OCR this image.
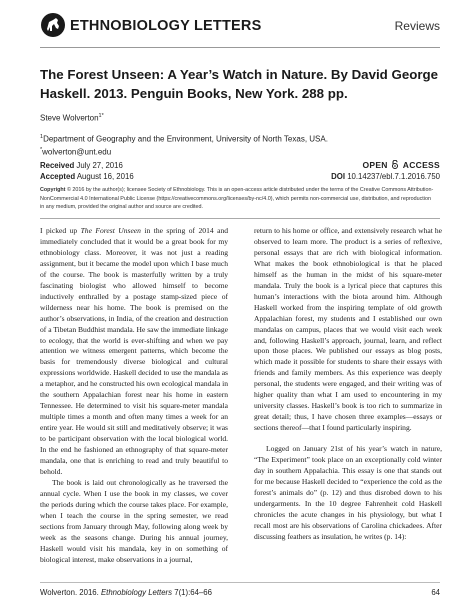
ETHNOBIOLOGY LETTERS	Reviews
The Forest Unseen: A Year’s Watch in Nature. By David George Haskell. 2013. Penguin Books, New York. 288 pp.
Steve Wolverton$^{1*}$
$^1$Department of Geography and the Environment, University of North Texas, USA.
*wolverton@unt.edu
Received July 27, 2016
Accepted August 16, 2016
OPEN ACCESS
DOI 10.14237/ebl.7.1.2016.750
Copyright © 2016 by the author(s); licensee Society of Ethnobiology. This is an open-access article distributed under the terms of the Creative Commons Attribution-NonCommercial 4.0 International Public License (https://creativecommons.org/licenses/by-nc/4.0), which permits non-commercial use, distribution, and reproduction in any medium, provided the original author and source are credited.

I picked up The Forest Unseen in the spring of 2014 and immediately concluded that it would be a great book for my ethnobiology class. Moreover, it was not just a reading assignment, but it became the model upon which I base much of the course. The book is masterfully written by a truly fascinating biologist who allowed himself to become inductively enthralled by a postage stamp-sized piece of wilderness near his home. The book is premised on the author’s observations, in India, of the creation and destruction of a Tibetan Buddhist mandala. He saw the immediate linkage to ecology, that the world is ever-shifting and when we pay attention we witness emergent patterns, which become the basis for tremendously diverse biological and cultural expressions worldwide. Haskell decided to use the mandala as a metaphor, and he constructed his own ecological mandala in the southern Appalachian forest near his home in eastern Tennessee. He determined to visit his square-meter mandala multiple times a month and often many times a week for an entire year. He would sit still and meditatively observe; it was to be participant observation with the local biological world. In the end he fashioned an ethnography of that square-meter mandala, one that is enriching to read and truly beautiful to behold.

The book is laid out chronologically as he traversed the annual cycle. When I use the book in my classes, we cover the periods during which the course takes place. For example, when I teach the course in the spring semester, we read sections from January through May, following along week by week as the seasons change. During his annual journey, Haskell would visit his mandala, key in on something of biological interest, make observations in a journal,

return to his home or office, and extensively research what he observed to learn more. The product is a series of reflexive, personal essays that are rich with biological information. What makes the book ethnobiological is that he placed himself as the human in the midst of his square-meter mandala. Truly the book is a lyrical piece that captures this human’s interactions with the biota around him. Although Haskell worked from the inspiring template of old growth Appalachian forest, my students and I established our own mandalas on campus, places that we would visit each week and, following Haskell’s approach, journal, learn, and reflect upon those places. We published our essays as blog posts, which made it possible for students to share their essays with friends and family members. As this experience was deeply personal, the students were engaged, and their writing was of higher quality than what I am used to encountering in my university classes. Haskell’s book is too rich to summarize in great detail; thus, I have chosen three examples—essays or sections thereof—that I found particularly inspiring.

Logged on January 21st of his year’s watch in nature, “The Experiment” took place on an exceptionally cold winter day in southern Appalachia. This essay is one that stands out for me because Haskell decided to “experience the cold as the forest’s animals do” (p. 12) and thus disrobed down to his undergarments. In the 10 degree Fahrenheit cold Haskell chronicles the acute changes in his physiology, but what I recall most are his observations of Carolina chickadees. After discussing feathers as insulation, he writes (p. 14):

Wolverton. 2016. Ethnobiology Letters 7(1):64–66	64
